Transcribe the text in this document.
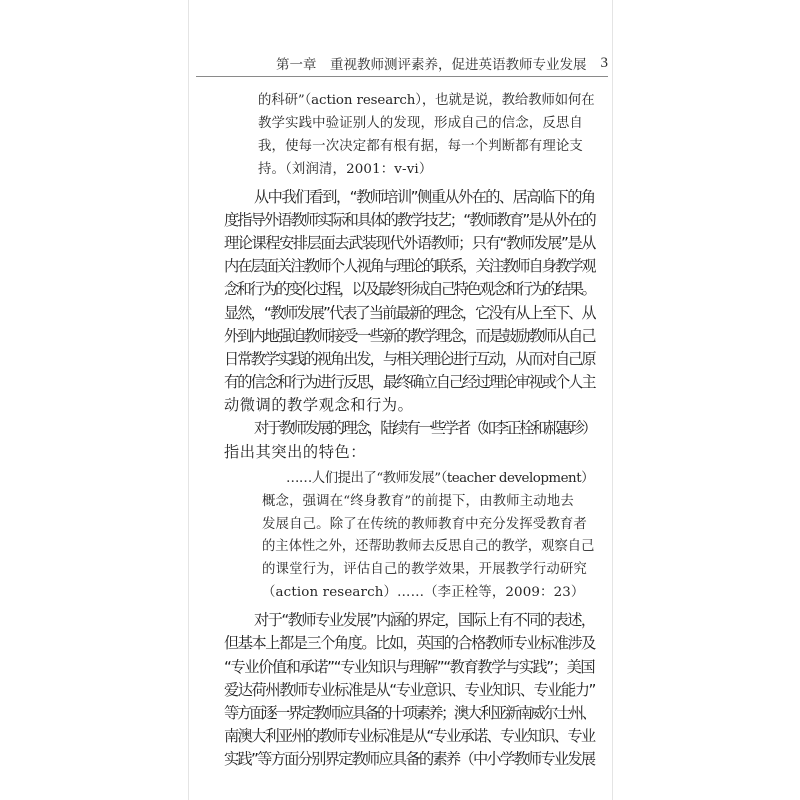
第一章　重视教师测评素养，促进英语教师专业发展 3
的科研”（action research），也就是说，教给教师如何在
教学实践中验证别人的发现，形成自己的信念，反思自
我，使每一次决定都有根有据，每一个判断都有理论支
持。（刘润清，2001：v-vi）
从中我们看到，“教师培训”侧重从外在的、居高临下的角
度指导外语教师实际和具体的教学技艺；“教师教育”是从外在的
理论课程安排层面去武装现代外语教师；只有“教师发展”是从
内在层面关注教师个人视角与理论的联系，关注教师自身教学观
念和行为的变化过程，以及最终形成自己特色观念和行为的结果。
显然，“教师发展”代表了当前最新的理念，它没有从上至下、从
外到内地强迫教师接受一些新的教学理念，而是鼓励教师从自己
日常教学实践的视角出发，与相关理论进行互动，从而对自己原
有的信念和行为进行反思，最终确立自己经过理论审视或个人主
动微调的教学观念和行为。
对于教师发展的理念，陆续有一些学者（如李正栓和郝惠珍）
指出其突出的特色：
……人们提出了“教师发展”（teacher development）
概念，强调在“终身教育”的前提下，由教师主动地去
发展自己。除了在传统的教师教育中充分发挥受教育者
的主体性之外，还帮助教师去反思自己的教学，观察自己
的课堂行为，评估自己的教学效果，开展教学行动研究
（action research）……（李正栓等，2009：23）
对于“教师专业发展”内涵的界定，国际上有不同的表述，
但基本上都是三个角度。比如，英国的合格教师专业标准涉及
“专业价值和承诺”“专业知识与理解”“教育教学与实践”；美国
爱达荷州教师专业标准是从“专业意识、专业知识、专业能力”
等方面逐一界定教师应具备的十项素养；澳大利亚新南威尔士州、
南澳大利亚州的教师专业标准是从“专业承诺、专业知识、专业
实践”等方面分别界定教师应具备的素养（中小学教师专业发展
